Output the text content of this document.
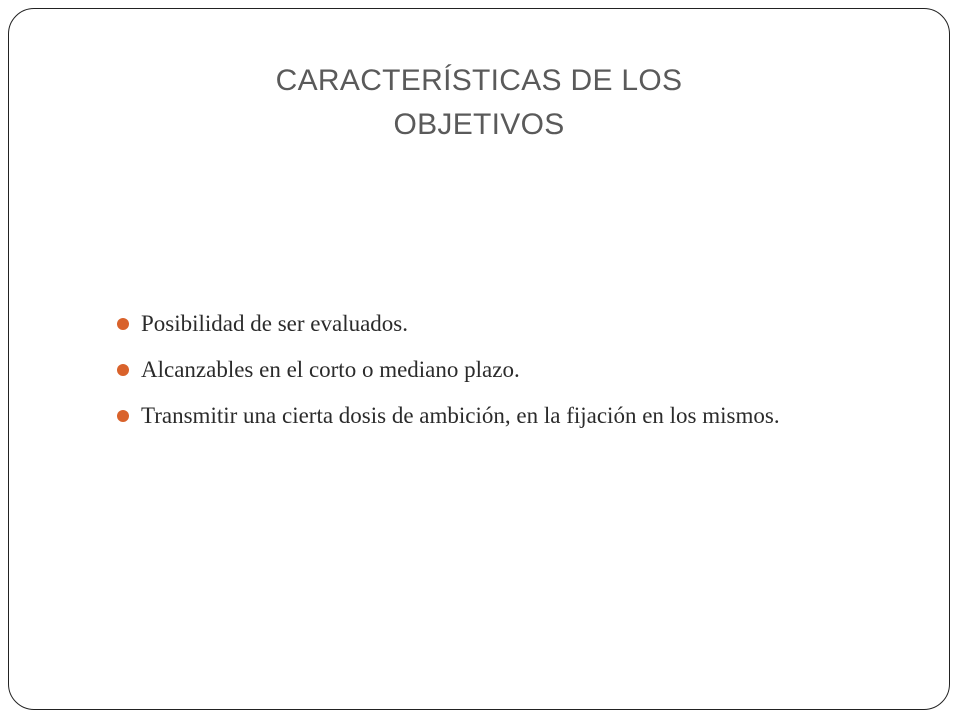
CARACTERÍSTICAS DE LOS
OBJETIVOS
Posibilidad de ser evaluados.
Alcanzables en el corto o mediano plazo.
Transmitir una cierta dosis de ambición, en la fijación en los mismos.
